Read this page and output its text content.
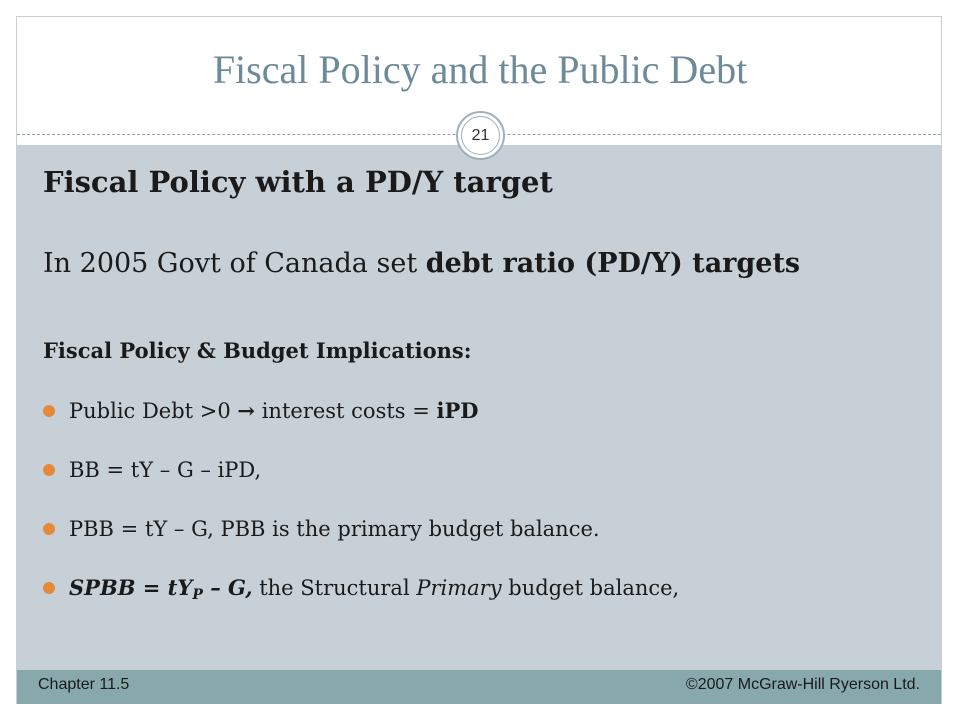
Fiscal Policy and the Public Debt
21
Fiscal Policy with a PD/Y target
In 2005 Govt of Canada set debt ratio (PD/Y) targets
Fiscal Policy & Budget Implications:
Public Debt >0 → interest costs = iPD
BB = tY – G – iPD,
PBB = tY – G, PBB is the primary budget balance.
SPBB = tYP – G, the Structural Primary budget balance,
Chapter 11.5	©2007 McGraw-Hill Ryerson Ltd.
